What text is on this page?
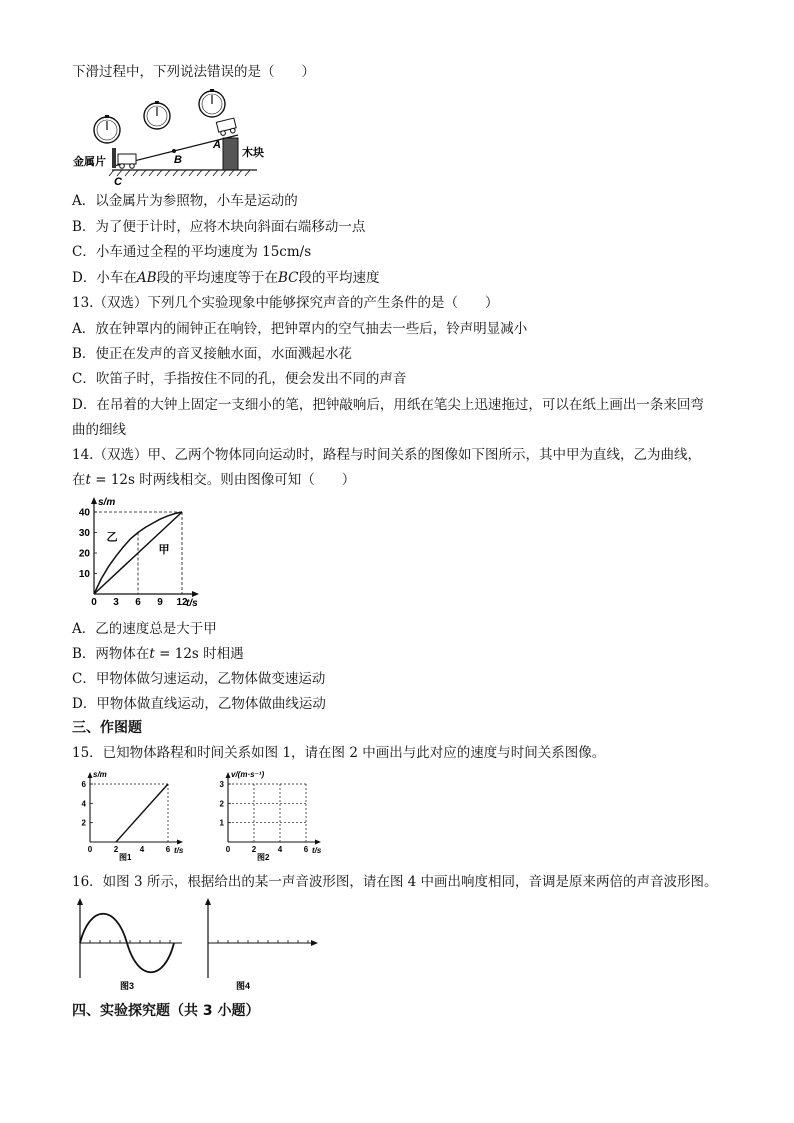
下滑过程中，下列说法错误的是（　　）
金属片
木块
A
B
C
A．以金属片为参照物，小车是运动的
B．为了便于计时，应将木块向斜面右端移动一点
C．小车通过全程的平均速度为 15cm/s
D．小车在AB段的平均速度等于在BC段的平均速度
13.（双选）下列几个实验现象中能够探究声音的产生条件的是（　　）
A．放在钟罩内的闹钟正在响铃，把钟罩内的空气抽去一些后，铃声明显减小
B．使正在发声的音叉接触水面，水面溅起水花
C．吹笛子时，手指按住不同的孔，便会发出不同的声音
D．在吊着的大钟上固定一支细小的笔，把钟敲响后，用纸在笔尖上迅速拖过，可以在纸上画出一条来回弯
曲的细线
14.（双选）甲、乙两个物体同向运动时，路程与时间关系的图像如下图所示，其中甲为直线，乙为曲线，
在t = 12s 时两线相交。则由图像可知（　　）
s/m
t/s
0 3 6 9 12
10
20
30
40
乙
甲
A．乙的速度总是大于甲
B．两物体在t = 12s 时相遇
C．甲物体做匀速运动，乙物体做变速运动
D．甲物体做直线运动，乙物体做曲线运动
三、作图题
15．已知物体路程和时间关系如图 1，请在图 2 中画出与此对应的速度与时间关系图像。
s/m
t/s
0	2	4	6
2
4
6
图1
v/(m·s⁻¹)
t/s
0	2	4	6
1
2
3
图2
16．如图 3 所示，根据给出的某一声音波形图，请在图 4 中画出响度相同，音调是原来两倍的声音波形图。
图3	图4
四、实验探究题（共 3 小题）
